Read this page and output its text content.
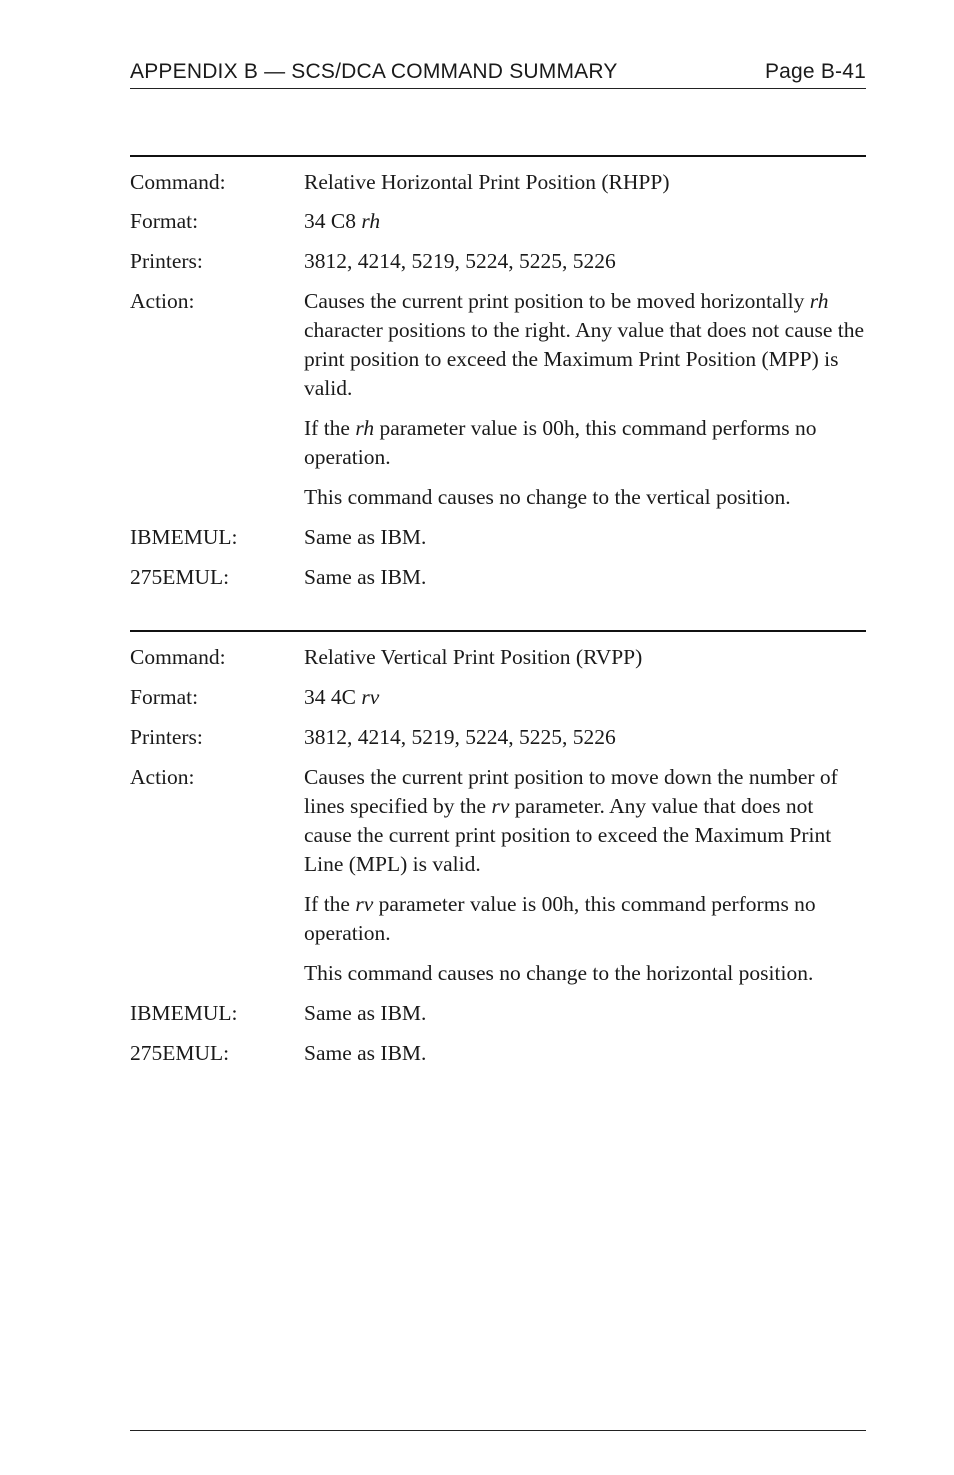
APPENDIX B — SCS/DCA COMMAND SUMMARY	Page B-41
Command:	Relative Horizontal Print Position (RHPP)
Format:	34 C8 rh
Printers:	3812, 4214, 5219, 5224, 5225, 5226
Action:	Causes the current print position to be moved horizontally rh character positions to the right. Any value that does not cause the print position to exceed the Maximum Print Position (MPP) is valid.

If the rh parameter value is 00h, this command performs no operation.

This command causes no change to the vertical position.

IBMEMUL:	Same as IBM.
275EMUL:	Same as IBM.
Command:	Relative Vertical Print Position (RVPP)
Format:	34 4C rv
Printers:	3812, 4214, 5219, 5224, 5225, 5226
Action:	Causes the current print position to move down the number of lines specified by the rv parameter. Any value that does not cause the current print position to exceed the Maximum Print Line (MPL) is valid.

If the rv parameter value is 00h, this command performs no operation.

This command causes no change to the horizontal position.

IBMEMUL:	Same as IBM.
275EMUL:	Same as IBM.
